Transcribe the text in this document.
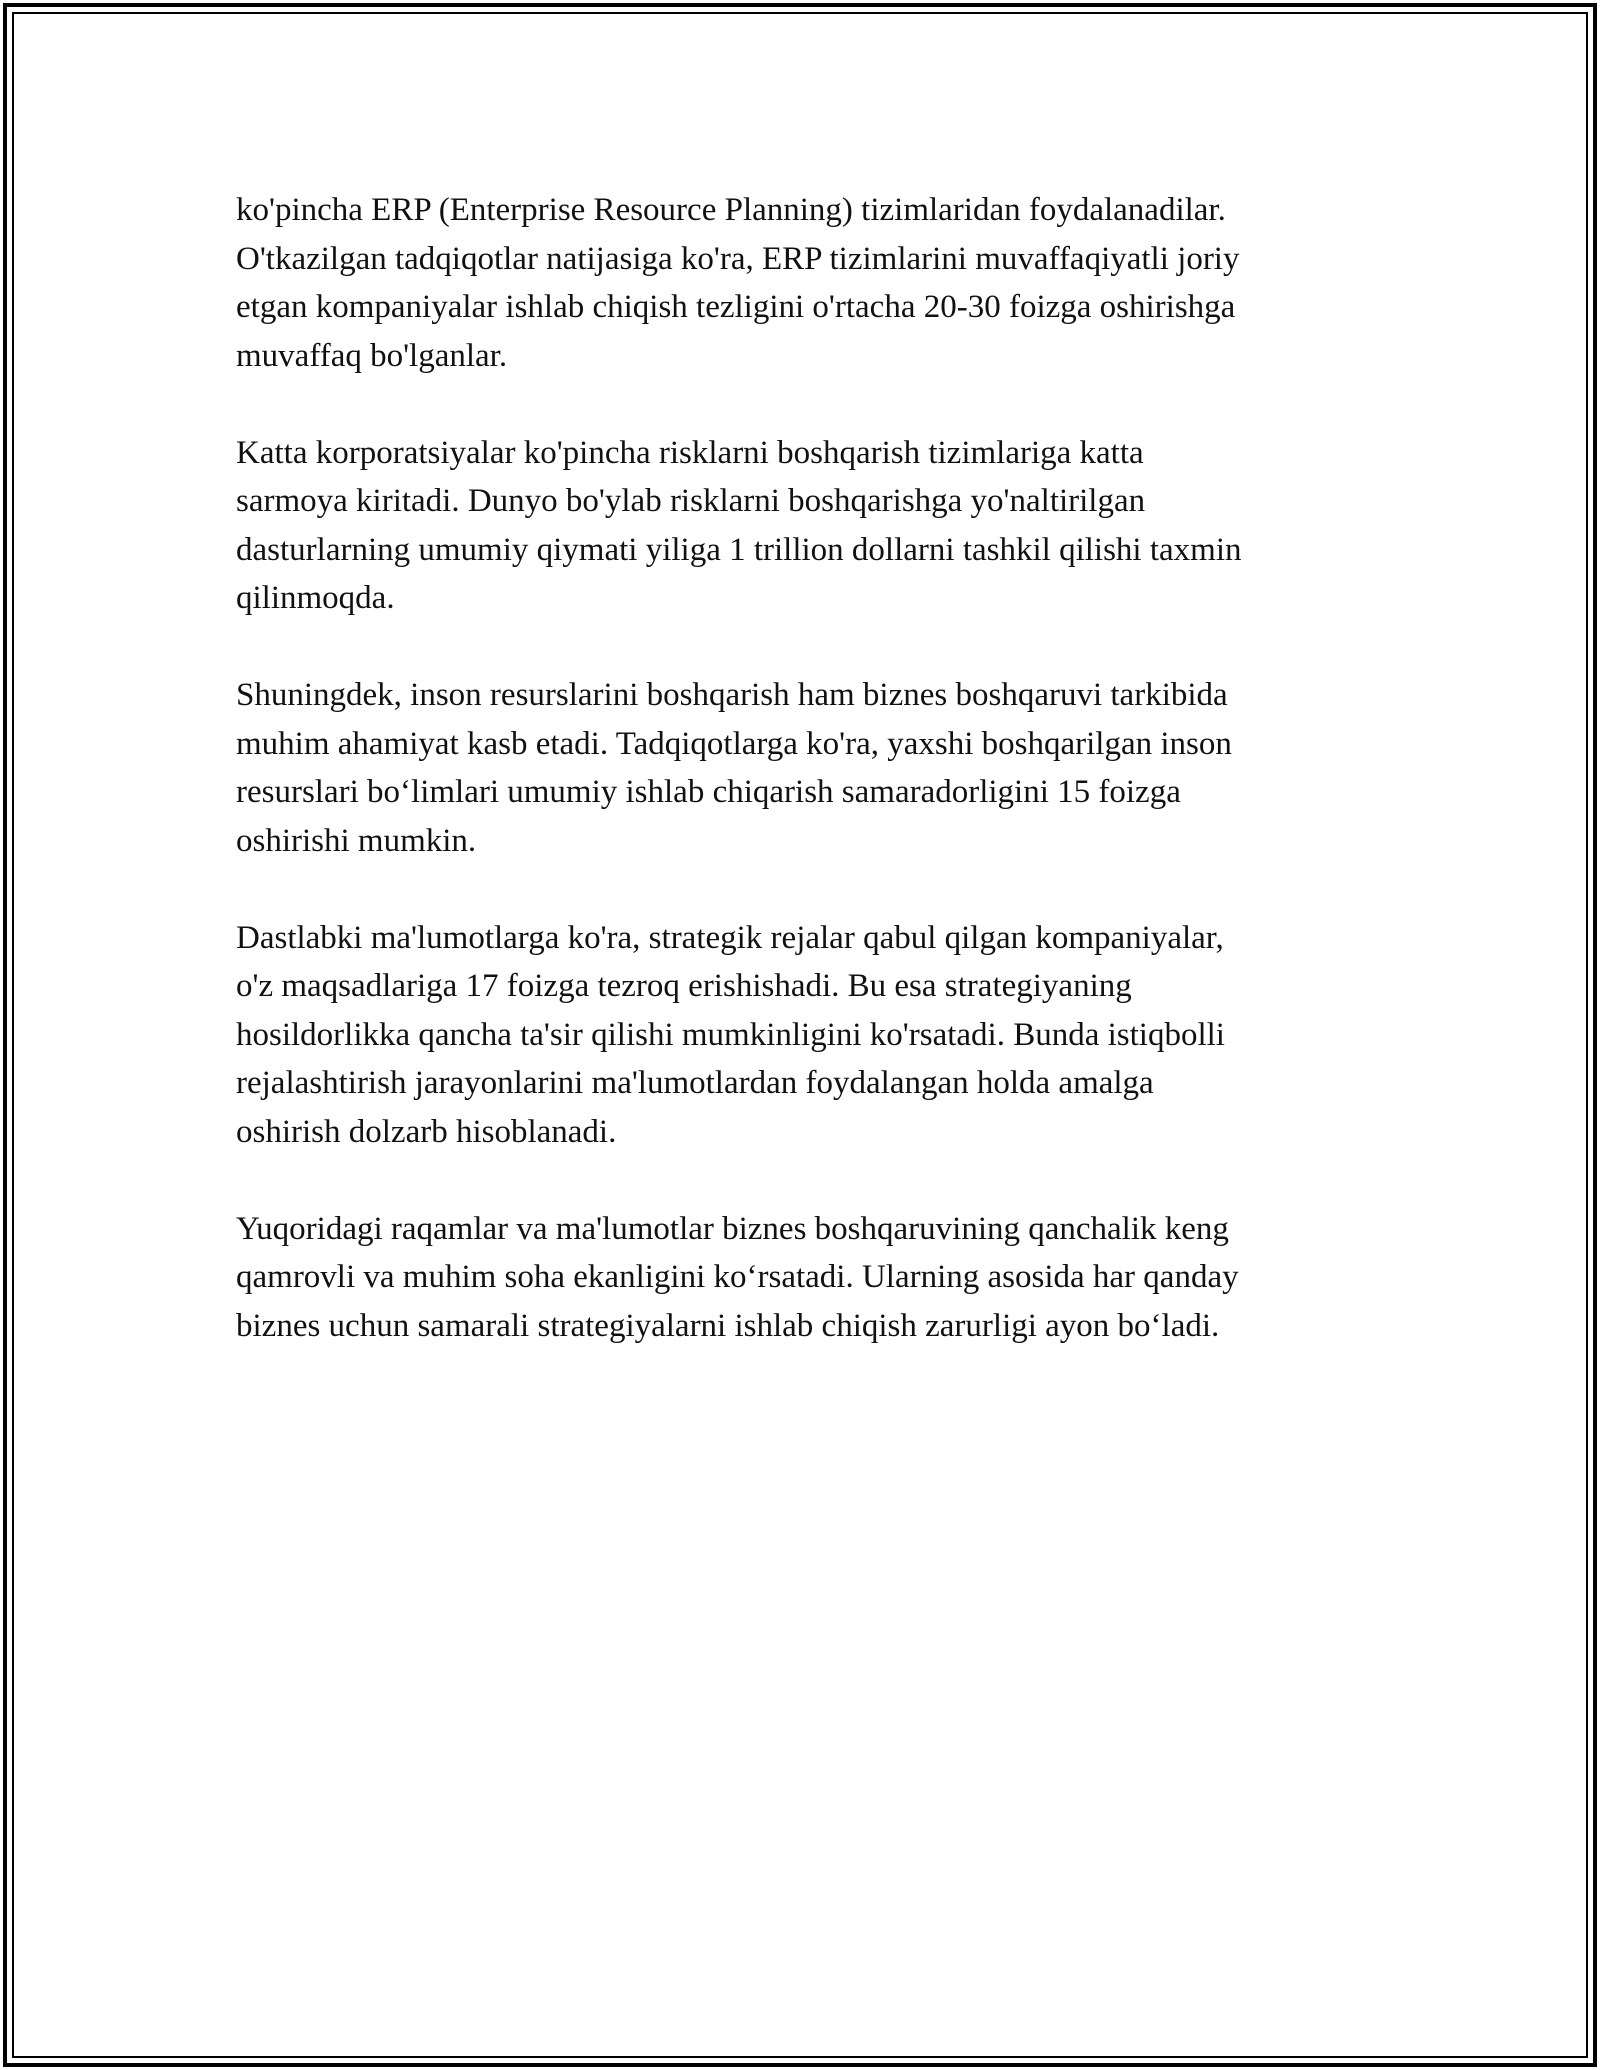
ko'pincha ERP (Enterprise Resource Planning) tizimlaridan foydalanadilar.
O'tkazilgan tadqiqotlar natijasiga ko'ra, ERP tizimlarini muvaffaqiyatli joriy
etgan kompaniyalar ishlab chiqish tezligini o'rtacha 20-30 foizga oshirishga
muvaffaq bo'lganlar.

Katta korporatsiyalar ko'pincha risklarni boshqarish tizimlariga katta
sarmoya kiritadi. Dunyo bo'ylab risklarni boshqarishga yo'naltirilgan
dasturlarning umumiy qiymati yiliga 1 trillion dollarni tashkil qilishi taxmin
qilinmoqda.

Shuningdek, inson resurslarini boshqarish ham biznes boshqaruvi tarkibida
muhim ahamiyat kasb etadi. Tadqiqotlarga ko'ra, yaxshi boshqarilgan inson
resurslari bo‘limlari umumiy ishlab chiqarish samaradorligini 15 foizga
oshirishi mumkin.

Dastlabki ma'lumotlarga ko'ra, strategik rejalar qabul qilgan kompaniyalar,
o'z maqsadlariga 17 foizga tezroq erishishadi. Bu esa strategiyaning
hosildorlikka qancha ta'sir qilishi mumkinligini ko'rsatadi. Bunda istiqbolli
rejalashtirish jarayonlarini ma'lumotlardan foydalangan holda amalga
oshirish dolzarb hisoblanadi.

Yuqoridagi raqamlar va ma'lumotlar biznes boshqaruvining qanchalik keng
qamrovli va muhim soha ekanligini ko‘rsatadi. Ularning asosida har qanday
biznes uchun samarali strategiyalarni ishlab chiqish zarurligi ayon bo‘ladi.
